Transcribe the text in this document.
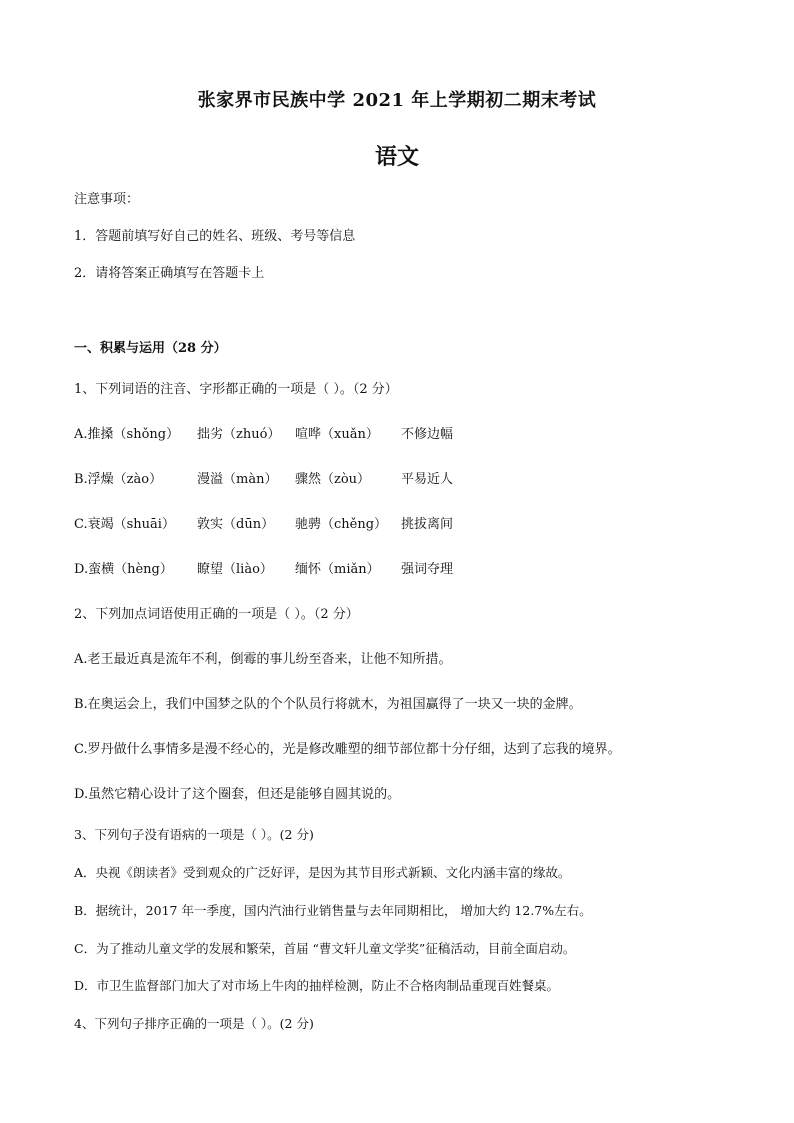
张家界市民族中学 2021 年上学期初二期末考试
语文
注意事项：
1．答题前填写好自己的姓名、班级、考号等信息
2．请将答案正确填写在答题卡上
一、积累与运用（28 分）
1、下列词语的注音、字形都正确的一项是（ ）。（2 分）
A.推搡（shǒng） 拙劣（zhuó） 喧哗（xuǎn） 不修边幅
B.浮燥（zào）	漫溢（màn） 骤然（zòu） 平易近人
C.衰竭（shuāi） 敦实（dūn） 驰骋（chěng） 挑拔离间
D.蛮横（hèng） 瞭望（liào） 缅怀（miǎn） 强词夺理
2、下列加点词语使用正确的一项是（ ）。（2 分）
A.老王最近真是流年不利，倒霉的事儿纷至沓来，让他不知所措。
B.在奥运会上，我们中国梦之队的个个队员行将就木，为祖国赢得了一块又一块的金牌。
C.罗丹做什么事情多是漫不经心的，光是修改雕塑的细节部位都十分仔细，达到了忘我的境界。
D.虽然它精心设计了这个圈套，但还是能够自圆其说的。
3、下列句子没有语病的一项是（ ）。(2 分)
A．央视《朗读者》受到观众的广泛好评，是因为其节目形式新颖、文化内涵丰富的缘故。
B．据统计，2017 年一季度，国内汽油行业销售量与去年同期相比， 增加大约 12.7%左右。
C．为了推动儿童文学的发展和繁荣，首届 “曹文轩儿童文学奖”征稿活动，目前全面启动。
D．市卫生监督部门加大了对市场上牛肉的抽样检测，防止不合格肉制品重现百姓餐桌。
4、下列句子排序正确的一项是（ ）。(2 分)
